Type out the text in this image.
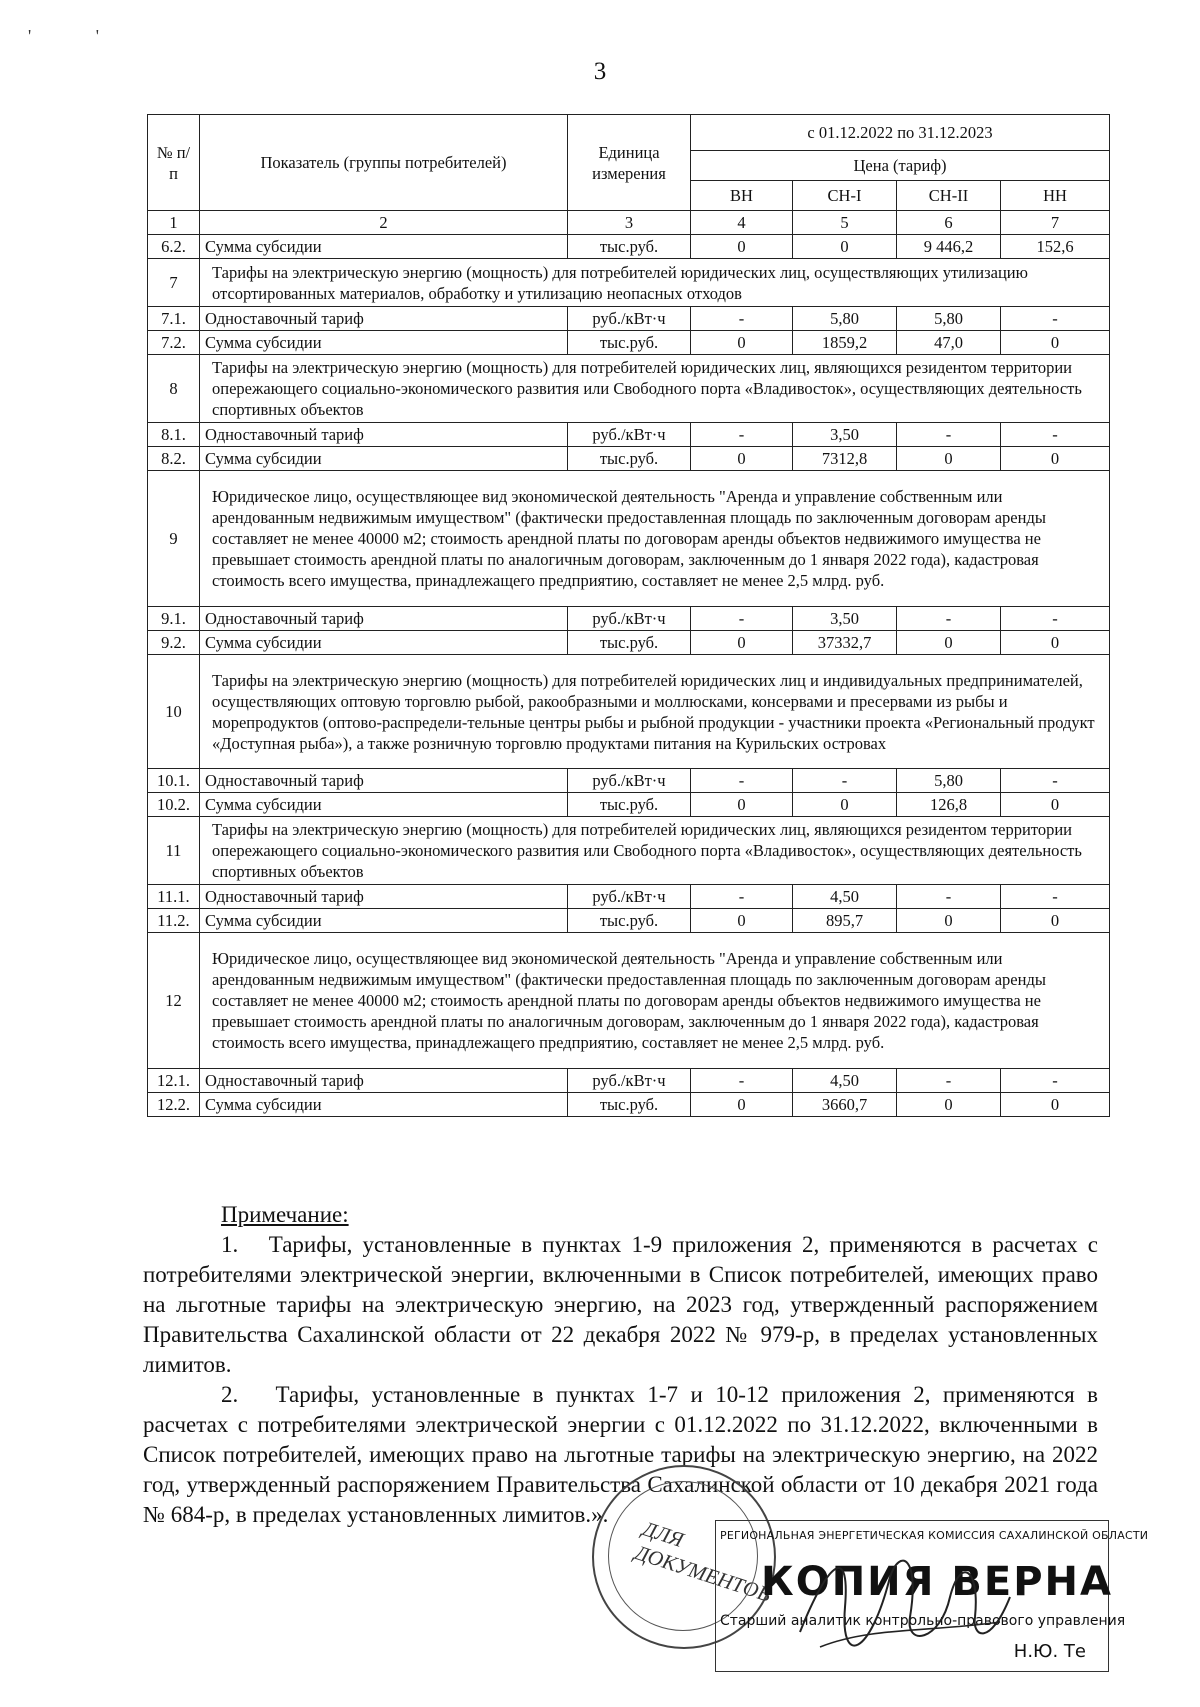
' '
3
№ п/п	Показатель (группы потребителей)	Единица измерения	с 01.12.2022 по 31.12.2023			
			Цена (тариф)			
			ВН	СН-I	СН-II	НН
1	2	3	4	5	6	7
6.2.	Сумма субсидии	тыс.руб.	0	0	9 446,2	152,6
7	Тарифы на электрическую энергию (мощность) для потребителей юридических лиц, осуществляющих утилизацию отсортированных материалов, обработку и утилизацию неопасных отходов					
7.1.	Одноставочный тариф	руб./кВт·ч	-	5,80	5,80	-
7.2.	Сумма субсидии	тыс.руб.	0	1859,2	47,0	0
8	Тарифы на электрическую энергию (мощность) для потребителей юридических лиц, являющихся резидентом территории опережающего социально-экономического развития или Свободного порта «Владивосток», осуществляющих деятельность спортивных объектов					
8.1.	Одноставочный тариф	руб./кВт·ч	-	3,50	-	-
8.2.	Сумма субсидии	тыс.руб.	0	7312,8	0	0
9	Юридическое лицо, осуществляющее вид экономической деятельность "Аренда и управление собственным или арендованным недвижимым имуществом" (фактически предоставленная площадь по заключенным договорам аренды составляет не менее 40000 м2; стоимость арендной платы по договорам аренды объектов недвижимого имущества не превышает стоимость арендной платы по аналогичным договорам, заключенным до 1 января 2022 года), кадастровая стоимость всего имущества, принадлежащего предприятию, составляет не менее 2,5 млрд. руб.					
9.1.	Одноставочный тариф	руб./кВт·ч	-	3,50	-	-
9.2.	Сумма субсидии	тыс.руб.	0	37332,7	0	0
10	Тарифы на электрическую энергию (мощность) для потребителей юридических лиц и индивидуальных предпринимателей, осуществляющих оптовую торговлю рыбой, ракообразными и моллюсками, консервами и пресервами из рыбы и морепродуктов (оптово-распредели-тельные центры рыбы и рыбной продукции - участники проекта «Региональный продукт «Доступная рыба»), а также розничную торговлю продуктами питания на Курильских островах					
10.1.	Одноставочный тариф	руб./кВт·ч	-	-	5,80	-
10.2.	Сумма субсидии	тыс.руб.	0	0	126,8	0
11	Тарифы на электрическую энергию (мощность) для потребителей юридических лиц, являющихся резидентом территории опережающего социально-экономического развития или Свободного порта «Владивосток», осуществляющих деятельность спортивных объектов					
11.1.	Одноставочный тариф	руб./кВт·ч	-	4,50	-	-
11.2.	Сумма субсидии	тыс.руб.	0	895,7	0	0
12	Юридическое лицо, осуществляющее вид экономической деятельность "Аренда и управление собственным или арендованным недвижимым имуществом" (фактически предоставленная площадь по заключенным договорам аренды составляет не менее 40000 м2; стоимость арендной платы по договорам аренды объектов недвижимого имущества не превышает стоимость арендной платы по аналогичным договорам, заключенным до 1 января 2022 года), кадастровая стоимость всего имущества, принадлежащего предприятию, составляет не менее 2,5 млрд. руб.					
12.1.	Одноставочный тариф	руб./кВт·ч	-	4,50	-	-
12.2.	Сумма субсидии	тыс.руб.	0	3660,7	0	0
Примечание:

1.   Тарифы, установленные в пунктах 1-9 приложения 2, применяются в расчетах с потребителями электрической энергии, включенными в Список потребителей, имеющих право на льготные тарифы на электрическую энергию, на 2023 год, утвержденный распоряжением Правительства Сахалинской области от 22 декабря 2022 № 979-р, в пределах установленных лимитов.

2.   Тарифы, установленные в пунктах 1-7 и 10-12 приложения 2, применяются в расчетах с потребителями электрической энергии с 01.12.2022 по 31.12.2022, включенными в Список потребителей, имеющих право на льготные тарифы на электрическую энергию, на 2022 год, утвержденный распоряжением Правительства Сахалинской области от 10 декабря 2021 года № 684-р, в пределах установленных лимитов.».

ДЛЯ ДОКУМЕНТОВ
РЕГИОНАЛЬНАЯ ЭНЕРГЕТИЧЕСКАЯ КОМИССИЯ САХАЛИНСКОЙ ОБЛАСТИ
КОПИЯ ВЕРНА
Старший аналитик контрольно-правового управления
Н.Ю. Те
